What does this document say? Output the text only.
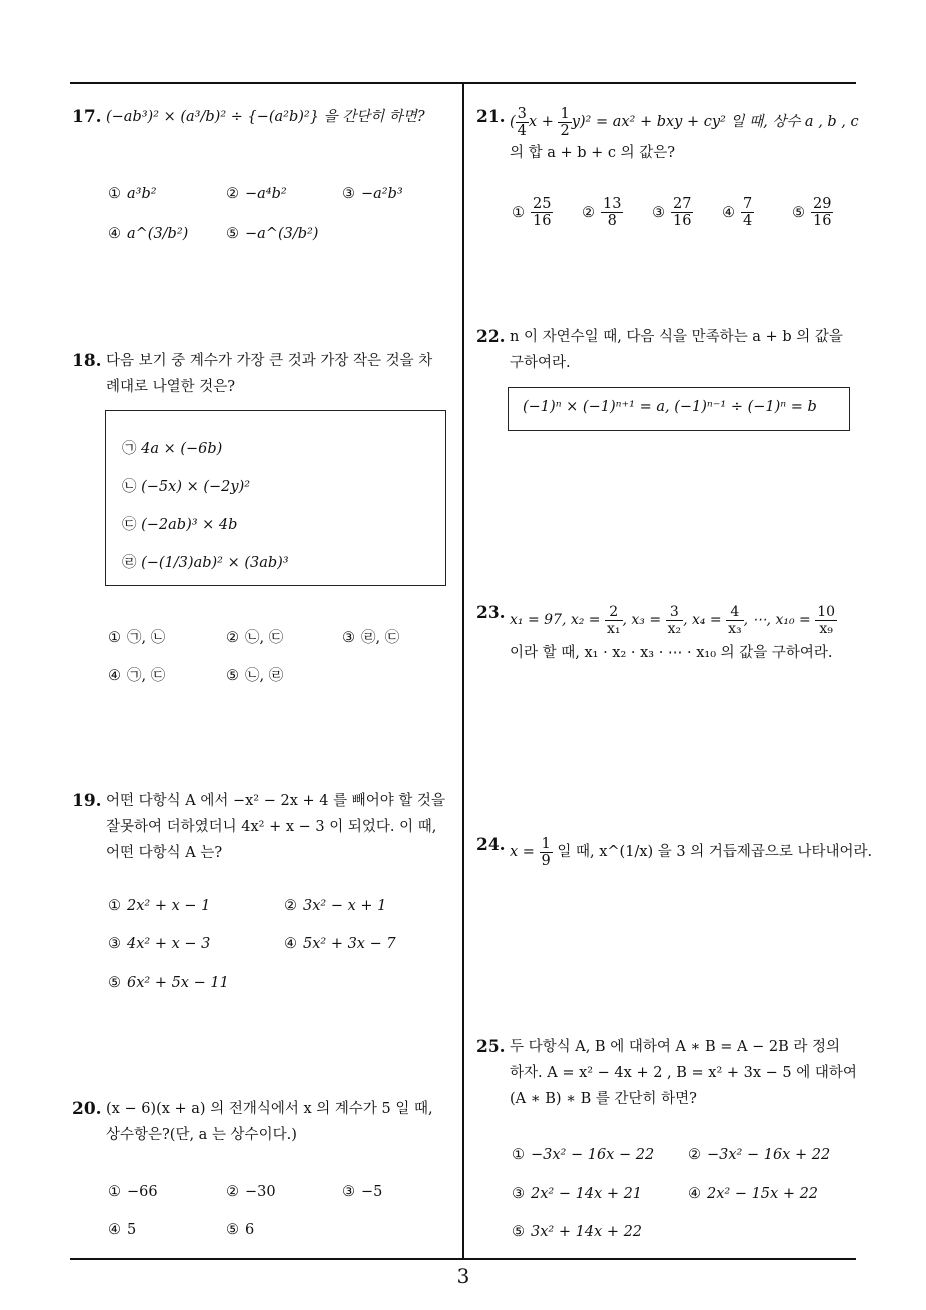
3
17. (−ab³)² × (a³/b)² ÷ {−(a²b)²} 을 간단히 하면?
① a³b²	② −a⁴b²	③ −a²b³
④ a^(3/b²)	⑤ −a^(3/b²)
18. 다음 보기 중 계수가 가장 큰 것과 가장 작은 것을 차
례대로 나열한 것은?
㉠ 4a × (−6b)
㉡ (−5x) × (−2y)²
㉢ (−2ab)³ × 4b
㉣ (−(1/3)ab)² × (3ab)³
① ㉠, ㉡	② ㉡, ㉢	③ ㉣, ㉢
④ ㉠, ㉢	⑤ ㉡, ㉣
19. 어떤 다항식 A 에서 −x² − 2x + 4 를 빼어야 할 것을
잘못하여 더하였더니 4x² + x − 3 이 되었다. 이 때,
어떤 다항식 A 는?
① 2x² + x − 1	② 3x² − x + 1
③ 4x² + x − 3	④ 5x² + 3x − 7
⑤ 6x² + 5x − 11
20. (x − 6)(x + a) 의 전개식에서 x 의 계수가 5 일 때,
상수항은?(단, a 는 상수이다.)
① −66	② −30	③ −5
④ 5	⑤ 6
21. ( $\frac{3}{4}$ $x + \frac{1}{2} y)^2 = ax^2$ + bxy + cy² 일 때, 상수 a , b , c
의 합 a + b + c 의 값은?
① $\frac{25}{16}$ ② $\frac{13}{8}$ ③ $\frac{27}{16}$ ④ $\frac{7}{4}$	⑤ $\frac{29}{16}$
22. n 이 자연수일 때, 다음 식을 만족하는 a + b 의 값을
구하여라.
(−1)ⁿ × (−1)ⁿ⁺¹ = a, (−1)ⁿ⁻¹ ÷ (−1)ⁿ = b
23. x₁ = 97, $x_2 = \frac{2}{\text{x₁}}$ , $x_3 = \frac{3}{\text{x₂}}$ , $x_4 = \frac{4}{\text{x₃}}$ , ⋯, $x_{10} = \frac{10}{\text{x₉}}$
이라 할 때, x₁ · x₂ · x₃ · ⋯ · x₁₀ 의 값을 구하여라.
24. $x = \frac{1}{9}$ 일 때, x^(1/x) 을 3 의 거듭제곱으로 나타내어라.
25. 두 다항식 A, B 에 대하여 A ∗ B = A − 2B 라 정의
하자. A = x² − 4x + 2 , B = x² + 3x − 5 에 대하여
(A ∗ B) ∗ B 를 간단히 하면?
① −3x² − 16x − 22 ② −3x² − 16x + 22
③ 2x² − 14x + 21	④ 2x² − 15x + 22
⑤ 3x² + 14x + 22
